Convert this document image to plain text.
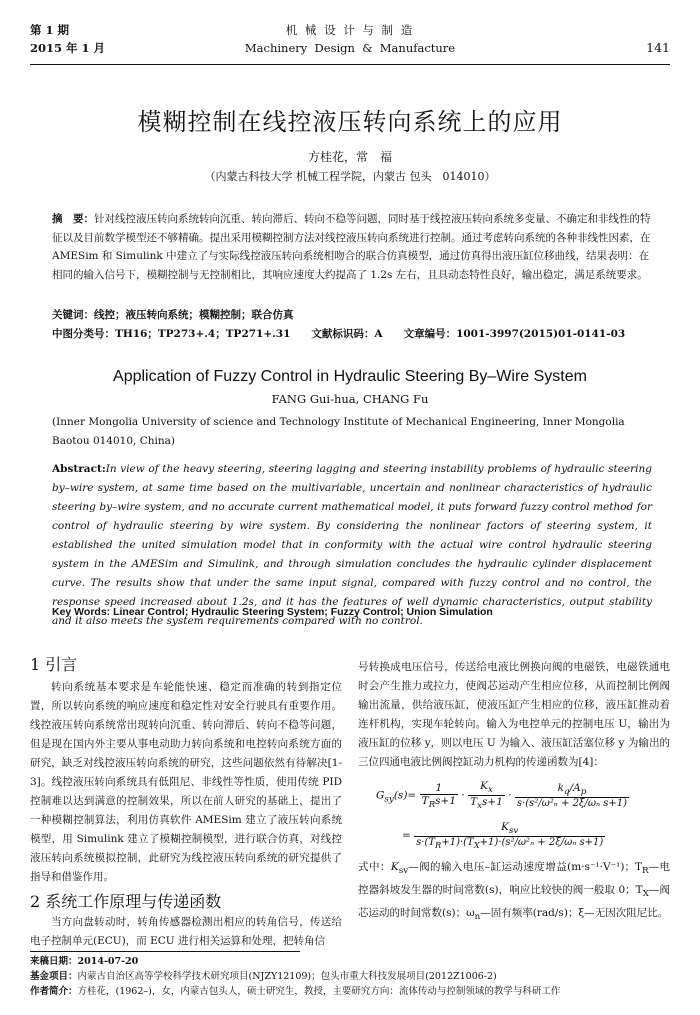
第 1 期
2015 年 1 月
机 械 设 计 与 制 造
Machinery  Design  &  Manufacture	141
模糊控制在线控液压转向系统上的应用
方桂花，常　福
（内蒙古科技大学 机械工程学院，内蒙古 包头　014010）
摘　要：针对线控液压转向系统转向沉重、转向滞后、转向不稳等问题，同时基于线控液压转向系统多变量、不确定和非线性的特征以及目前数学模型还不够精确。提出采用模糊控制方法对线控液压转向系统进行控制。通过考虑转向系统的各种非线性因素，在 AMESim 和 Simulink 中建立了与实际线控液压转向系统相吻合的联合仿真模型，通过仿真得出液压缸位移曲线，结果表明：在相同的输入信号下，模糊控制与无控制相比，其响应速度大约提高了 1.2s 左右，且具动态特性良好，输出稳定，满足系统要求。
关键词：线控；液压转向系统；模糊控制；联合仿真
中图分类号：TH16；TP273+.4；TP271+.31　　文献标识码：A　　文章编号：1001-3997(2015)01-0141-03
Application of Fuzzy Control in Hydraulic Steering By–Wire System
FANG Gui-hua, CHANG Fu
(Inner Mongolia University of science and Technology Institute of Mechanical Engineering, Inner Mongolia Baotou 014010, China)
Abstract:In view of the heavy steering, steering lagging and steering instability problems of hydraulic steering by–wire system, at same time based on the multivariable, uncertain and nonlinear characteristics of hydraulic steering by–wire system, and no accurate current mathematical model, it puts forward fuzzy control method for control of hydraulic steering by wire system. By considering the nonlinear factors of steering system, it established the united simulation model that in conformity with the actual wire control hydraulic steering system in the AMESim and Simulink, and through simulation concludes the hydraulic cylinder displacement curve. The results show that under the same input signal, compared with fuzzy control and no control, the response speed increased about 1.2s, and it has the features of well dynamic characteristics, output stability and it also meets the system requirements compared with no control.
Key Words: Linear Control; Hydraulic Steering System; Fuzzy Control; Union Simulation
1 引言
转向系统基本要求是车轮能快速、稳定而准确的转到指定位置，所以转向系统的响应速度和稳定性对安全行驶具有重要作用。线控液压转向系统常出现转向沉重、转向滞后、转向不稳等问题，但是现在国内外主要从事电动助力转向系统和电控转向系统方面的研究，缺乏对线控液压转向系统的研究，这些问题依然有待解决[1-3]。线控液压转向系统具有低阻尼、非线性等性质，使用传统 PID 控制难以达到满意的控制效果，所以在前人研究的基础上，提出了一种模糊控制算法，利用仿真软件 AMESim 建立了液压转向系统模型，用 Simulink 建立了模糊控制模型，进行联合仿真，对线控液压转向系统模拟控制，此研究为线控液压转向系统的研究提供了指导和借鉴作用。
2 系统工作原理与传递函数
当方向盘转动时，转角传感器检测出相应的转角信号，传送给电子控制单元(ECU)，而 ECU 进行相关运算和处理，把转角信
号转换成电压信号，传送给电液比例换向阀的电磁铁，电磁铁通电时会产生推力或拉力，使阀芯运动产生相应位移，从而控制比例阀输出流量，供给液压缸，使液压缸产生相应的位移，液压缸推动着连杆机构，实现车轮转向。输入为电控单元的控制电压 U，输出为液压缸的位移 y，则以电压 U 为输入、液压缸活塞位移 y 为输出的三位四通电液比例阀控缸动力机构的传递函数为[4]：
$G_{sy}(s)= \frac{1}{T_Rs+1} \cdot \frac{K_x}{T_xs+1} \cdot \frac{k_q/A_p}{\text{s·(s²/ω²ₙ + 2ξ/ωₙ s+1)}}$
= $\frac{K_{sv}}{s\cdot(T_R+1)\cdot(T_X+1)\cdot(s^2/\omega^2_n + 2\xi/\omega_n s+1)}$
式中：$K_{sv}—$阀的输入电压–缸运动速度增益(m·s⁻¹·V⁻¹)；$T_R—$电控器斜坡发生器的时间常数(s)，响应比较快的阀一般取 0；$T_X—$阀芯运动的时间常数(s)；$\omega_n—$固有频率(rad/s)；ξ—无因次阻尼比。
来稿日期：2014-07-20
基金项目：内蒙古自治区高等学校科学技术研究项目(NJZY12109)；包头市重大科技发展项目(2012Z1006-2)
作者简介：方桂花，(1962–)，女，内蒙古包头人，硕士研究生，教授，主要研究方向：流体传动与控制领域的教学与科研工作
